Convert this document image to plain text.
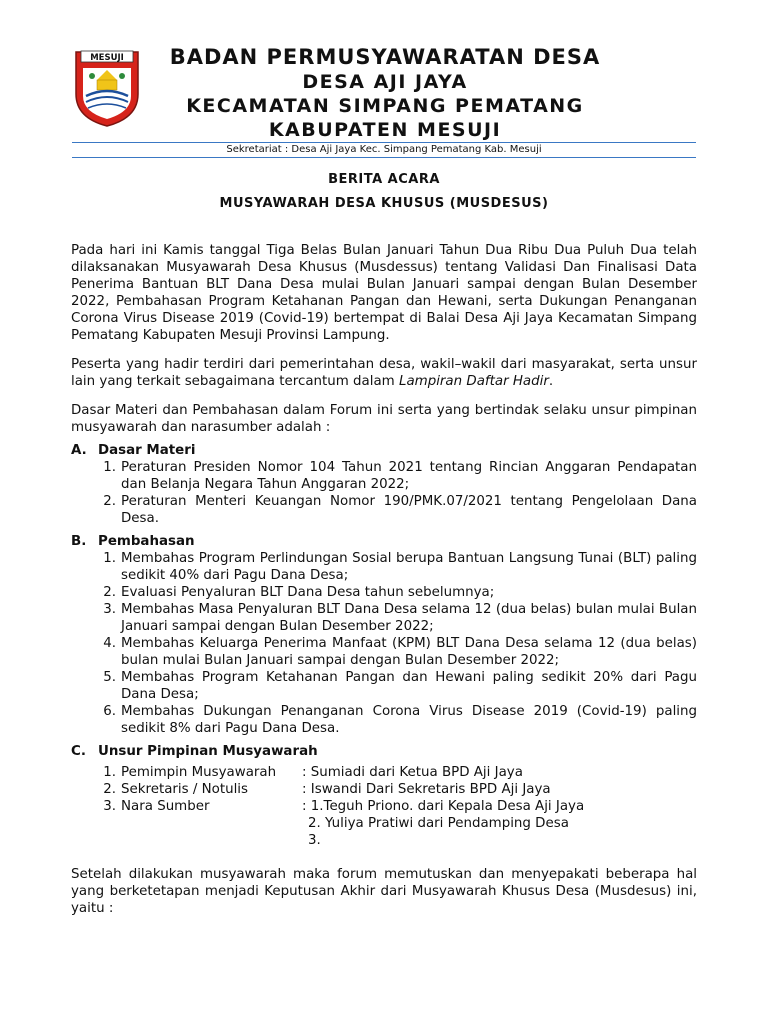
MESUJI	BADAN PERMUSYAWARATAN DESA
DESA AJI JAYA
KECAMATAN SIMPANG PEMATANG
KABUPATEN MESUJI
Sekretariat : Desa Aji Jaya Kec. Simpang Pematang Kab. Mesuji
BERITA ACARA
MUSYAWARAH DESA KHUSUS (MUSDESUS)

Pada hari ini Kamis tanggal Tiga Belas Bulan Januari Tahun Dua Ribu Dua Puluh Dua telah dilaksanakan Musyawarah Desa Khusus (Musdessus) tentang Validasi Dan Finalisasi Data Penerima Bantuan BLT Dana Desa mulai Bulan Januari sampai dengan Bulan Desember 2022, Pembahasan Program Ketahanan Pangan dan Hewani, serta Dukungan Penanganan Corona Virus Disease 2019 (Covid-19) bertempat di Balai Desa Aji Jaya Kecamatan Simpang Pematang Kabupaten Mesuji Provinsi Lampung.

Peserta yang hadir terdiri dari pemerintahan desa, wakil–wakil dari masyarakat, serta unsur lain yang terkait sebagaimana tercantum dalam Lampiran Daftar Hadir.

Dasar Materi dan Pembahasan dalam Forum ini serta yang bertindak selaku unsur pimpinan musyawarah dan narasumber adalah :

A. Dasar Materi
1. Peraturan Presiden Nomor 104 Tahun 2021 tentang Rincian Anggaran Pendapatan dan Belanja Negara Tahun Anggaran 2022;
2. Peraturan Menteri Keuangan Nomor 190/PMK.07/2021 tentang Pengelolaan Dana Desa.
B. Pembahasan
1. Membahas Program Perlindungan Sosial berupa Bantuan Langsung Tunai (BLT) paling sedikit 40% dari Pagu Dana Desa;
2. Evaluasi Penyaluran BLT Dana Desa tahun sebelumnya;
3. Membahas Masa Penyaluran BLT Dana Desa selama 12 (dua belas) bulan mulai Bulan Januari sampai dengan Bulan Desember 2022;
4. Membahas Keluarga Penerima Manfaat (KPM) BLT Dana Desa selama 12 (dua belas) bulan mulai Bulan Januari sampai dengan Bulan Desember 2022;
5. Membahas Program Ketahanan Pangan dan Hewani paling sedikit 20% dari Pagu Dana Desa;
6. Membahas Dukungan Penanganan Corona Virus Disease 2019 (Covid-19) paling sedikit 8% dari Pagu Dana Desa.
C. Unsur Pimpinan Musyawarah
1. Pemimpin Musyawarah	: Sumiadi dari Ketua BPD Aji Jaya
2. Sekretaris / Notulis	: Iswandi Dari Sekretaris BPD Aji Jaya
3. Nara Sumber	: 1.Teguh Priono. dari Kepala Desa Aji Jaya
2. Yuliya Pratiwi dari Pendamping Desa
3.

Setelah dilakukan musyawarah maka forum memutuskan dan menyepakati beberapa hal yang berketetapan menjadi Keputusan Akhir dari Musyawarah Khusus Desa (Musdesus) ini, yaitu :
